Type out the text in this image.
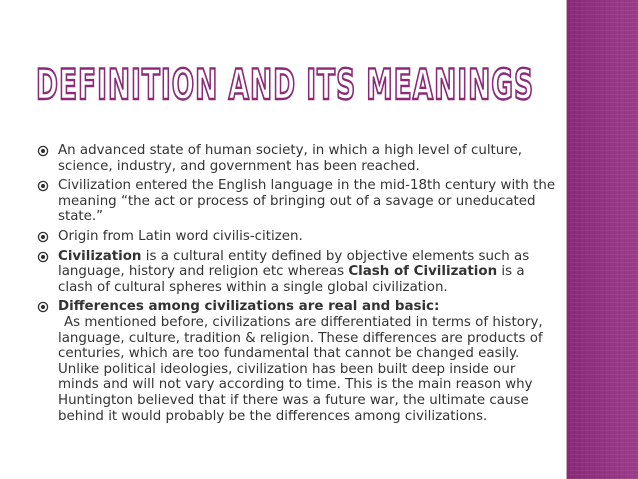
DEFINITION AND ITS MEANINGS
An advanced state of human society, in which a high level of culture, science, industry, and government has been reached.
Civilization entered the English language in the mid-18th century with the meaning “the act or process of bringing out of a savage or uneducated state.”
Origin from Latin word civilis-citizen.
Civilization is a cultural entity defined by objective elements such as language, history and religion etc whereas Clash of Civilization is a clash of cultural spheres within a single global civilization.
Differences among civilizations are real and basic:
As mentioned before, civilizations are differentiated in terms of history, language, culture, tradition & religion. These differences are products of centuries, which are too fundamental that cannot be changed easily. Unlike political ideologies, civilization has been built deep inside our minds and will not vary according to time. This is the main reason why Huntington believed that if there was a future war, the ultimate cause behind it would probably be the differences among civilizations.
